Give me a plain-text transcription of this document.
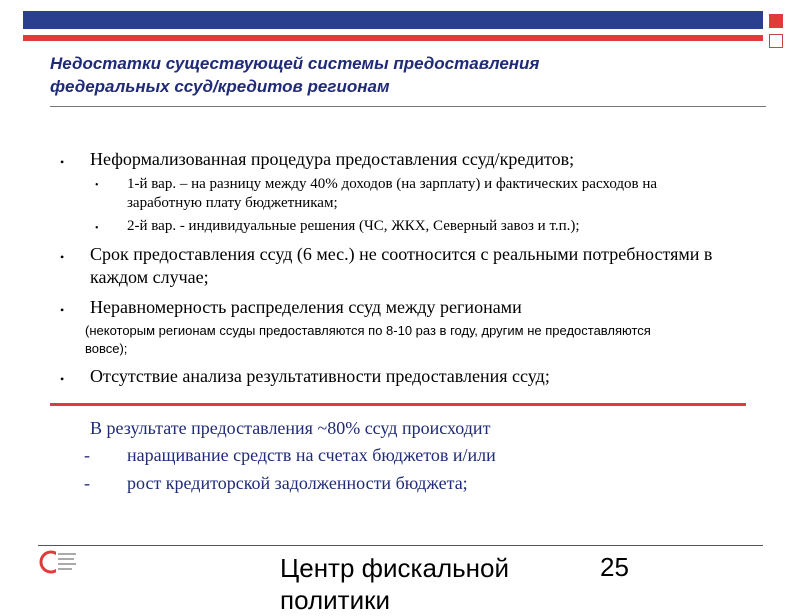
Недостатки существующей системы предоставления
федеральных ссуд/кредитов регионам
• Неформализованная процедура предоставления ссуд/кредитов;
• 1-й вар. – на разницу между 40% доходов (на зарплату) и фактических расходов на заработную плату бюджетникам;
• 2-й вар. - индивидуальные решения (ЧС, ЖКХ, Северный завоз и т.п.);
• Срок предоставления ссуд (6 мес.) не соотносится с реальными потребностями в каждом случае;
• Неравномерность распределения ссуд между регионами
(некоторым регионам ссуды предоставляются по 8-10 раз в году, другим не предоставляются вовсе);
• Отсутствие анализа результативности предоставления ссуд;
В результате предоставления ~80% ссуд происходит
- наращивание средств на счетах бюджетов и/или
- рост кредиторской задолженности бюджета;
Центр фискальной политики
25
